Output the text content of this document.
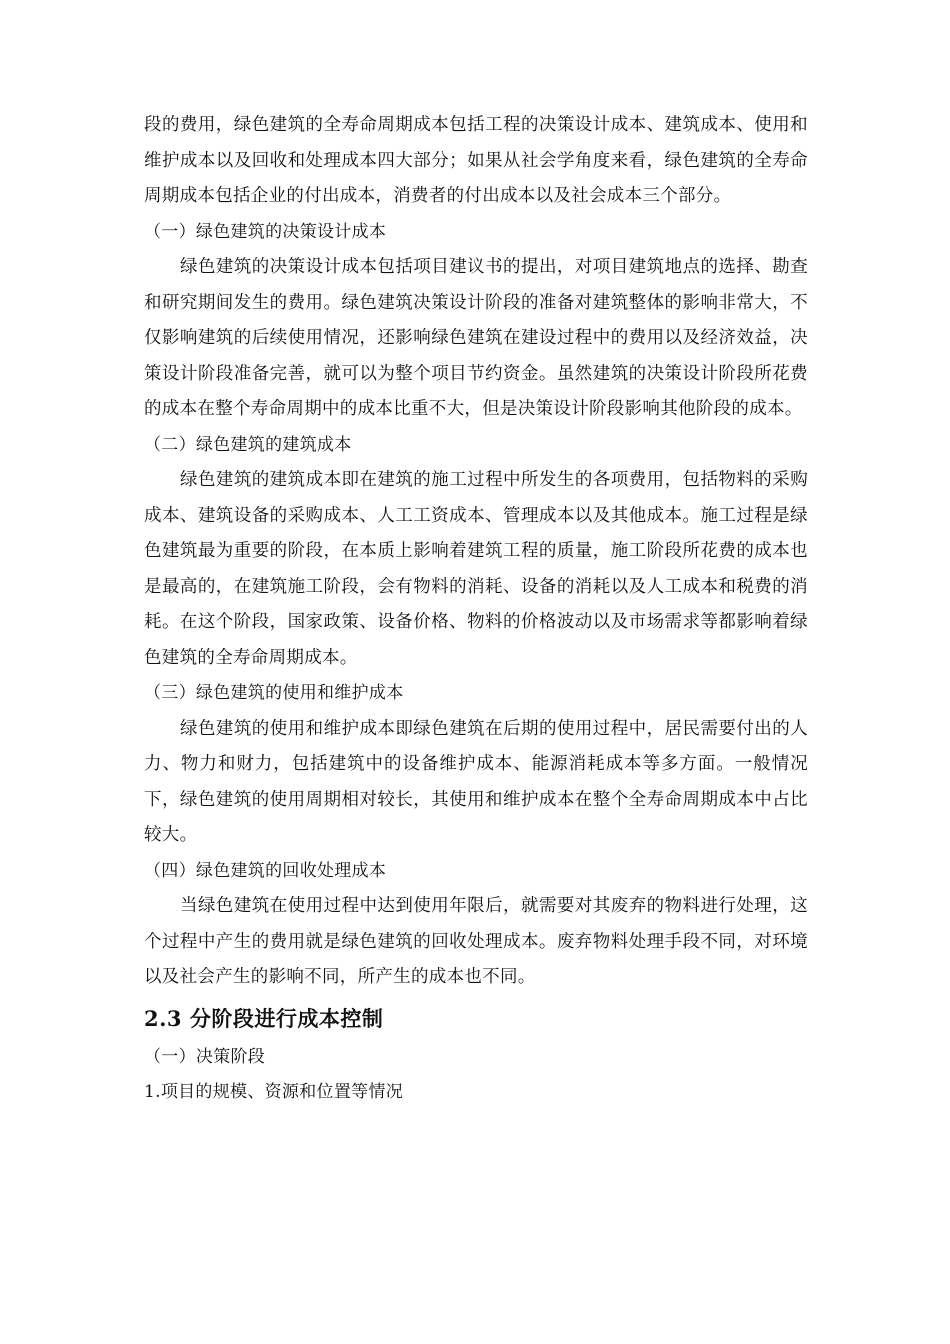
段的费用，绿色建筑的全寿命周期成本包括工程的决策设计成本、建筑成本、使用和维护成本以及回收和处理成本四大部分；如果从社会学角度来看，绿色建筑的全寿命周期成本包括企业的付出成本，消费者的付出成本以及社会成本三个部分。

（一）绿色建筑的决策设计成本

绿色建筑的决策设计成本包括项目建议书的提出，对项目建筑地点的选择、勘查和研究期间发生的费用。绿色建筑决策设计阶段的准备对建筑整体的影响非常大，不仅影响建筑的后续使用情况，还影响绿色建筑在建设过程中的费用以及经济效益，决策设计阶段准备完善，就可以为整个项目节约资金。虽然建筑的决策设计阶段所花费的成本在整个寿命周期中的成本比重不大，但是决策设计阶段影响其他阶段的成本。

（二）绿色建筑的建筑成本

绿色建筑的建筑成本即在建筑的施工过程中所发生的各项费用，包括物料的采购成本、建筑设备的采购成本、人工工资成本、管理成本以及其他成本。施工过程是绿色建筑最为重要的阶段，在本质上影响着建筑工程的质量，施工阶段所花费的成本也是最高的，在建筑施工阶段，会有物料的消耗、设备的消耗以及人工成本和税费的消耗。在这个阶段，国家政策、设备价格、物料的价格波动以及市场需求等都影响着绿色建筑的全寿命周期成本。

（三）绿色建筑的使用和维护成本

绿色建筑的使用和维护成本即绿色建筑在后期的使用过程中，居民需要付出的人力、物力和财力，包括建筑中的设备维护成本、能源消耗成本等多方面。一般情况下，绿色建筑的使用周期相对较长，其使用和维护成本在整个全寿命周期成本中占比较大。

（四）绿色建筑的回收处理成本

当绿色建筑在使用过程中达到使用年限后，就需要对其废弃的物料进行处理，这个过程中产生的费用就是绿色建筑的回收处理成本。废弃物料处理手段不同，对环境以及社会产生的影响不同，所产生的成本也不同。

2.3 分阶段进行成本控制

（一）决策阶段

1.项目的规模、资源和位置等情况
